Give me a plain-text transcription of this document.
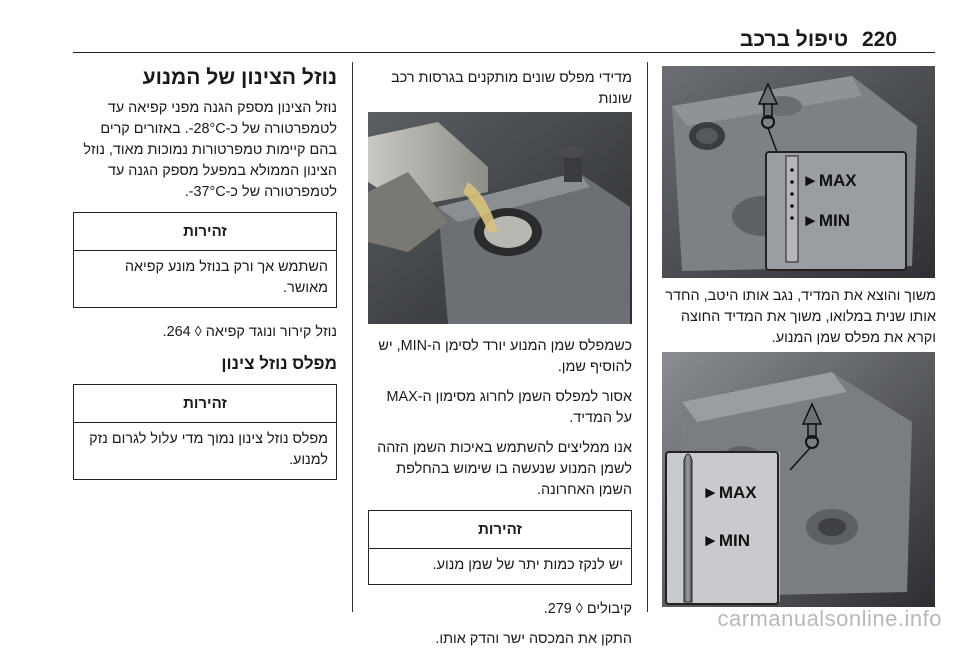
220
טיפול ברכב
►MAX
►MIN

משוך והוצא את המדיד, נגב אותו היטב, החדר אותו שנית במלואו, משוך את המדיד החוצה וקרא את מפלס שמן המנוע.

►MAX
►MIN

מדידי מפלס שונים מותקנים בגרסות רכב שונות

כשמפלס שמן המנוע יורד לסימן ה-MIN, יש להוסיף שמן.

אסור למפלס השמן לחרוג מסימון ה-MAX על המדיד.

אנו ממליצים להשתמש באיכות השמן הזהה לשמן המנוע שנעשה בו שימוש בהחלפת השמן האחרונה.

זהירות
יש לנקז כמות יתר של שמן מנוע.

קיבולים ◊ 279.

התקן את המכסה ישר והדק אותו.

נוזל הצינון של המנוע

נוזל הצינון מספק הגנה מפני קפיאה עד לטמפרטורה של כ-28°C-. באזורים קרים בהם קיימות טמפרטורות נמוכות מאוד, נוזל הצינון הממולא במפעל מספק הגנה עד לטמפרטורה של כ-37°C-.

זהירות
השתמש אך ורק בנוזל מונע קפיאה מאושר.

נוזל קירור ונוגד קפיאה ◊ 264.

מפלס נוזל צינון
זהירות
מפלס נוזל צינון נמוך מדי עלול לגרום נזק למנוע.
carmanualsonline.info
